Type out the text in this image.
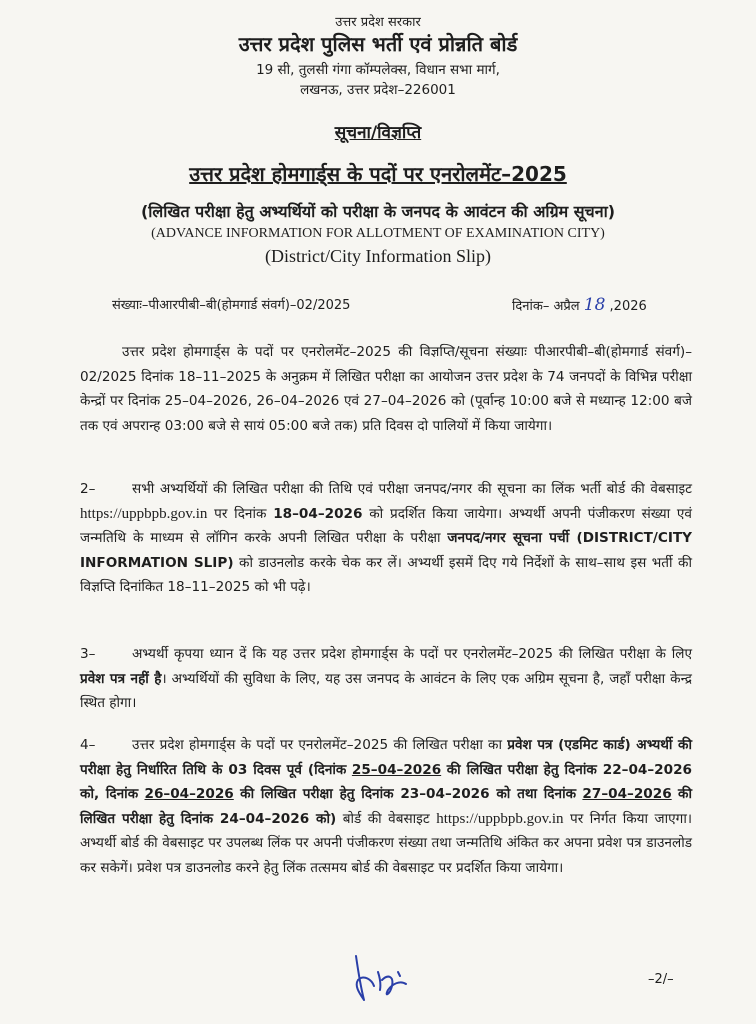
उत्तर प्रदेश सरकार
उत्तर प्रदेश पुलिस भर्ती एवं प्रोन्नति बोर्ड
19 सी, तुलसी गंगा कॉम्पलेक्स, विधान सभा मार्ग,
लखनऊ, उत्तर प्रदेश–226001
सूचना/विज्ञप्ति
उत्तर प्रदेश होमगार्ड्स के पदों पर एनरोलमेंट–2025
(लिखित परीक्षा हेतु अभ्यर्थियों को परीक्षा के जनपद के आवंटन की अग्रिम सूचना)
(ADVANCE INFORMATION FOR ALLOTMENT OF EXAMINATION CITY)
(District/City Information Slip)
संख्याः–पीआरपीबी–बी(होमगार्ड संवर्ग)–02/2025	दिनांक– अप्रैल 18 ,2026
उत्तर प्रदेश होमगार्ड्स के पदों पर एनरोलमेंट–2025 की विज्ञप्ति/सूचना संख्याः पीआरपीबी–बी(होमगार्ड संवर्ग)–02/2025 दिनांक 18–11–2025 के अनुक्रम में लिखित परीक्षा का आयोजन उत्तर प्रदेश के 74 जनपदों के विभिन्न परीक्षा केन्द्रों पर दिनांक 25–04–2026, 26–04–2026 एवं 27–04–2026 को (पूर्वान्ह 10:00 बजे से मध्यान्ह 12:00 बजे तक एवं अपरान्ह 03:00 बजे से सायं 05:00 बजे तक) प्रति दिवस दो पालियों में किया जायेगा।
2–	सभी अभ्यर्थियों की लिखित परीक्षा की तिथि एवं परीक्षा जनपद/नगर की सूचना का लिंक भर्ती बोर्ड की वेबसाइट https://uppbpb.gov.in पर दिनांक 18–04–2026 को प्रदर्शित किया जायेगा। अभ्यर्थी अपनी पंजीकरण संख्या एवं जन्मतिथि के माध्यम से लॉगिन करके अपनी लिखित परीक्षा के परीक्षा जनपद/नगर सूचना पर्ची (DISTRICT/CITY INFORMATION SLIP) को डाउनलोड करके चेक कर लें। अभ्यर्थी इसमें दिए गये निर्देशों के साथ–साथ इस भर्ती की विज्ञप्ति दिनांकित 18–11–2025 को भी पढ़े।
3–	अभ्यर्थी कृपया ध्यान दें कि यह उत्तर प्रदेश होमगार्ड्स के पदों पर एनरोलमेंट–2025 की लिखित परीक्षा के लिए प्रवेश पत्र नहीं है। अभ्यर्थियों की सुविधा के लिए, यह उस जनपद के आवंटन के लिए एक अग्रिम सूचना है, जहाँ परीक्षा केन्द्र स्थित होगा।
4–	उत्तर प्रदेश होमगार्ड्स के पदों पर एनरोलमेंट–2025 की लिखित परीक्षा का प्रवेश पत्र (एडमिट कार्ड) अभ्यर्थी की परीक्षा हेतु निर्धारित तिथि के 03 दिवस पूर्व (दिनांक 25–04–2026 की लिखित परीक्षा हेतु दिनांक 22–04–2026 को, दिनांक 26–04–2026 की लिखित परीक्षा हेतु दिनांक 23–04–2026 को तथा दिनांक 27–04–2026 की लिखित परीक्षा हेतु दिनांक 24–04–2026 को) बोर्ड की वेबसाइट https://uppbpb.gov.in पर निर्गत किया जाएगा। अभ्यर्थी बोर्ड की वेबसाइट पर उपलब्ध लिंक पर अपनी पंजीकरण संख्या तथा जन्मतिथि अंकित कर अपना प्रवेश पत्र डाउनलोड कर सकेगें। प्रवेश पत्र डाउनलोड करने हेतु लिंक तत्समय बोर्ड की वेबसाइट पर प्रदर्शित किया जायेगा।
–2/–
